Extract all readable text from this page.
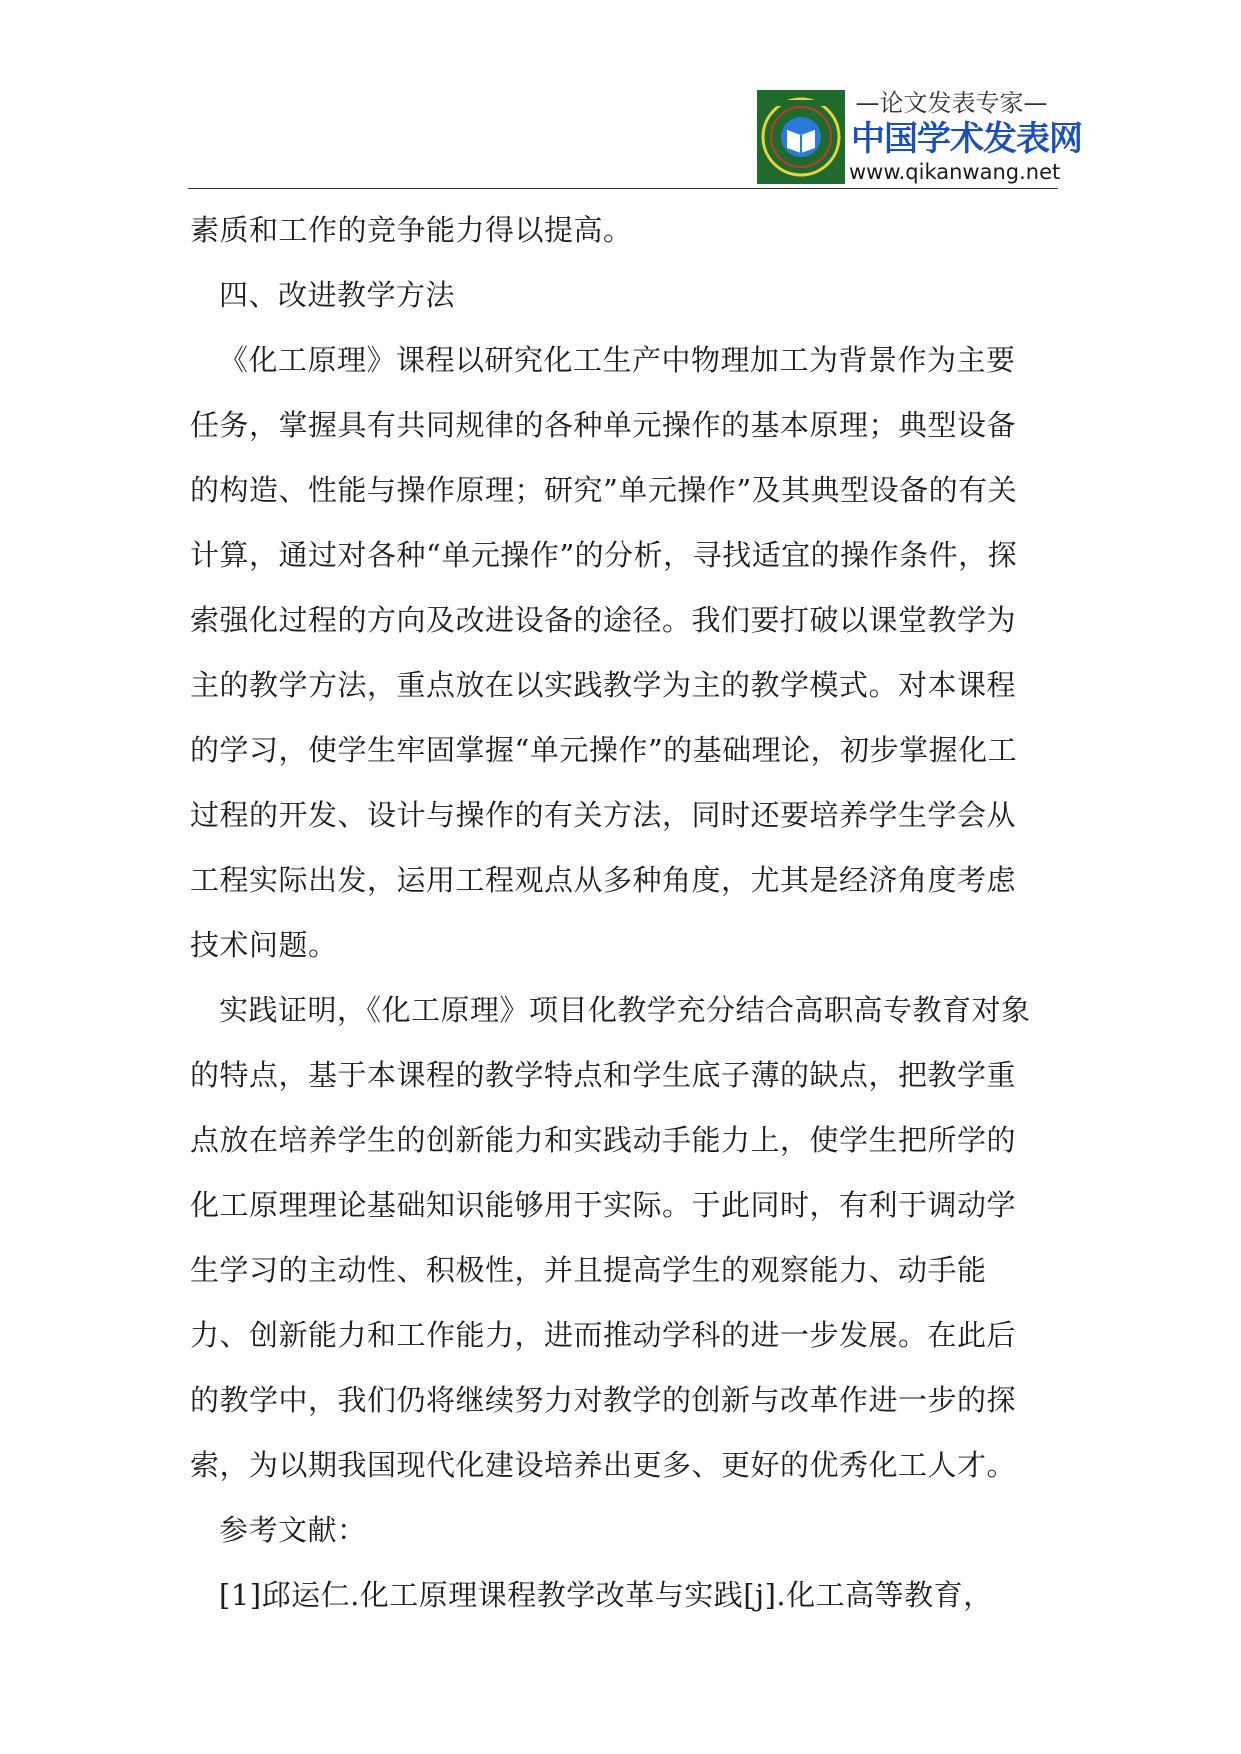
—论文发表专家—
中国学术发表网
www.qikanwang.net

素质和工作的竞争能力得以提高。

四、改进教学方法

《化工原理》课程以研究化工生产中物理加工为背景作为主要任务，掌握具有共同规律的各种单元操作的基本原理；典型设备的构造、性能与操作原理；研究”单元操作”及其典型设备的有关计算，通过对各种“单元操作”的分析，寻找适宜的操作条件，探索强化过程的方向及改进设备的途径。我们要打破以课堂教学为主的教学方法，重点放在以实践教学为主的教学模式。对本课程的学习，使学生牢固掌握“单元操作”的基础理论，初步掌握化工过程的开发、设计与操作的有关方法，同时还要培养学生学会从工程实际出发，运用工程观点从多种角度，尤其是经济角度考虑技术问题。

实践证明，《化工原理》项目化教学充分结合高职高专教育对象的特点，基于本课程的教学特点和学生底子薄的缺点，把教学重点放在培养学生的创新能力和实践动手能力上，使学生把所学的化工原理理论基础知识能够用于实际。于此同时，有利于调动学生学习的主动性、积极性，并且提高学生的观察能力、动手能力、创新能力和工作能力，进而推动学科的进一步发展。在此后的教学中，我们仍将继续努力对教学的创新与改革作进一步的探索，为以期我国现代化建设培养出更多、更好的优秀化工人才。

参考文献：

[1]邱运仁.化工原理课程教学改革与实践[j].化工高等教育，
